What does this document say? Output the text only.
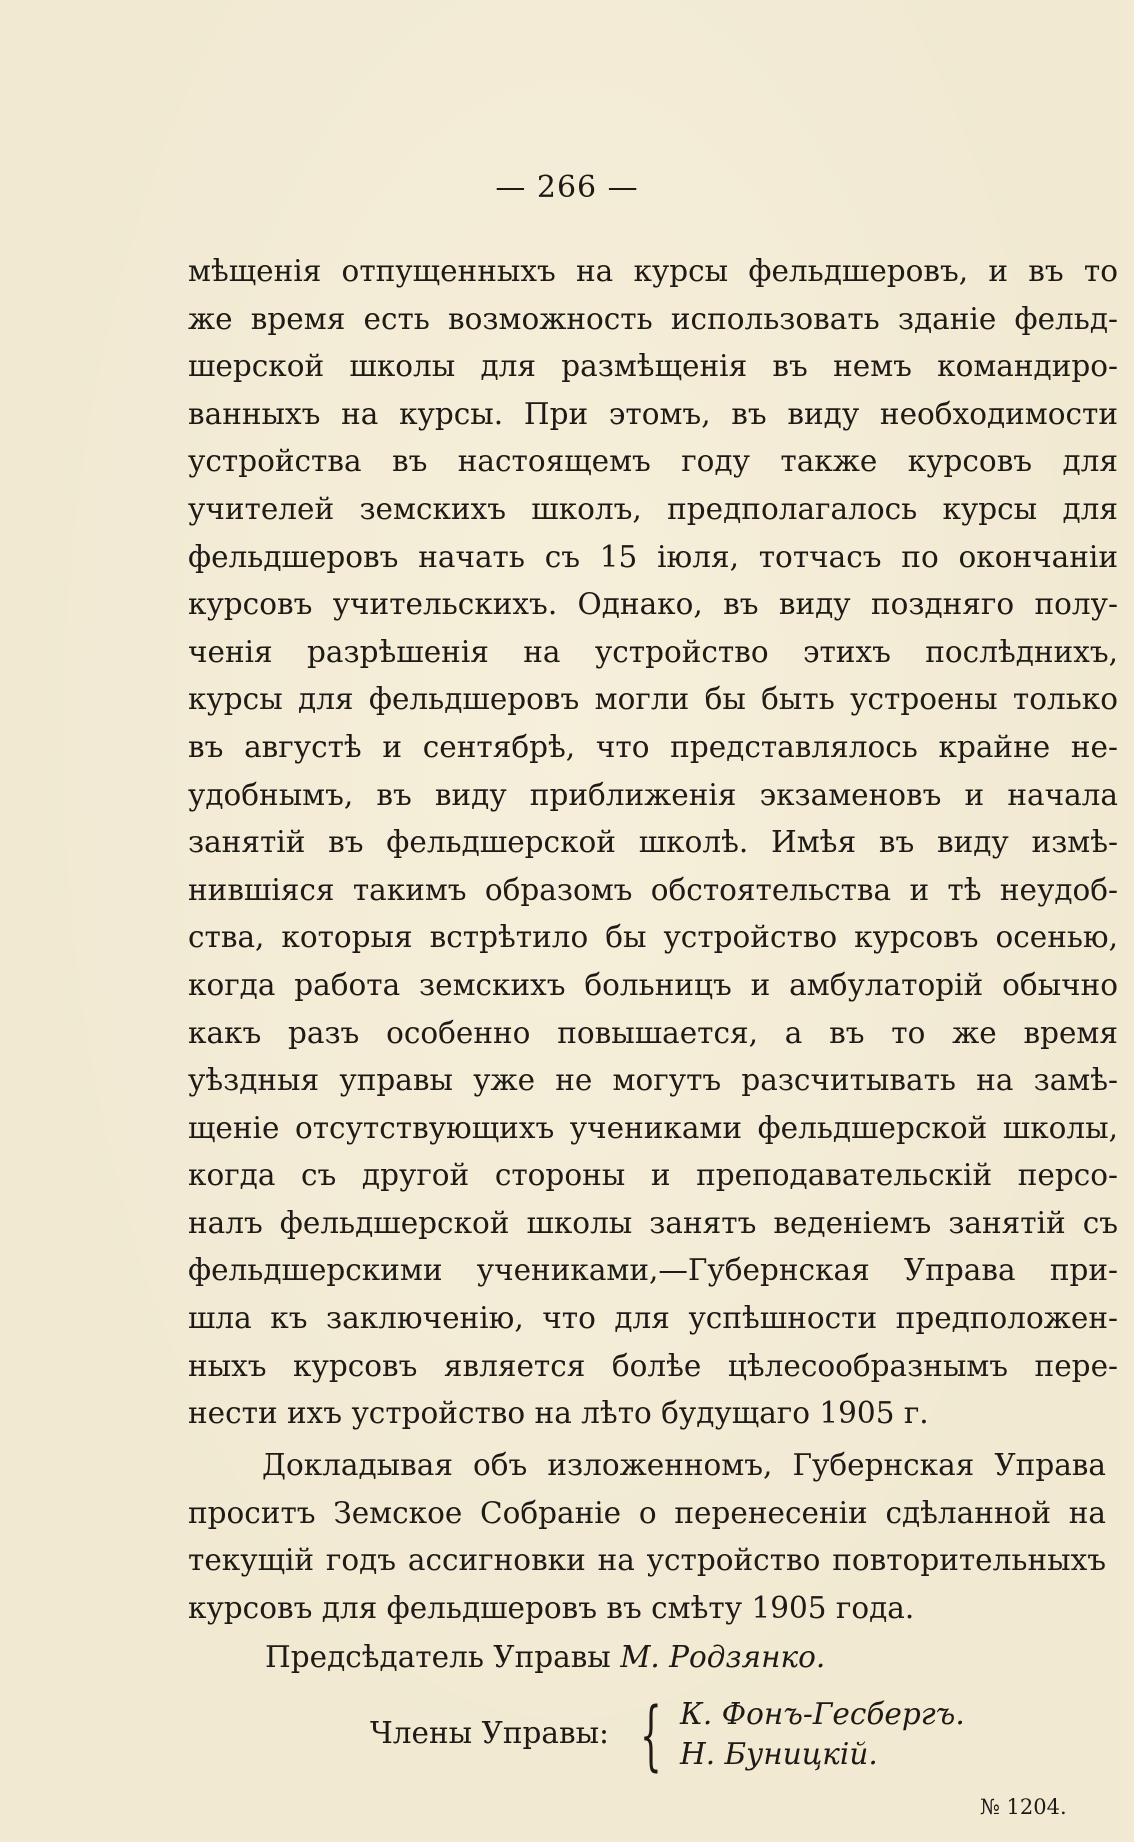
— 266 —
мѣщенія отпущенныхъ на курсы фельдшеровъ, и въ то
же время есть возможность использовать зданіе фельд-
шерской школы для размѣщенія въ немъ командиро-
ванныхъ на курсы. При этомъ, въ виду необходимости
устройства въ настоящемъ году также курсовъ для
учителей земскихъ школъ, предполагалось курсы для
фельдшеровъ начать съ 15 іюля, тотчасъ по окончаніи
курсовъ учительскихъ. Однако, въ виду поздняго полу-
ченія разрѣшенія на устройство этихъ послѣднихъ,
курсы для фельдшеровъ могли бы быть устроены только
въ августѣ и сентябрѣ, что представлялось крайне не-
удобнымъ, въ виду приближенія экзаменовъ и начала
занятій въ фельдшерской школѣ. Имѣя въ виду измѣ-
нившіяся такимъ образомъ обстоятельства и тѣ неудоб-
ства, которыя встрѣтило бы устройство курсовъ осенью,
когда работа земскихъ больницъ и амбулаторій обычно
какъ разъ особенно повышается, а въ то же время
уѣздныя управы уже не могутъ разсчитывать на замѣ-
щеніе отсутствующихъ учениками фельдшерской школы,
когда съ другой стороны и преподавательскій персо-
налъ фельдшерской школы занятъ веденіемъ занятій съ
фельдшерскими учениками,—Губернская Управа при-
шла къ заключенію, что для успѣшности предположен-
ныхъ курсовъ является болѣе цѣлесообразнымъ пере-
нести ихъ устройство на лѣто будущаго 1905 г.
Докладывая объ изложенномъ, Губернская Управа
проситъ Земское Собраніе о перенесеніи сдѣланной на
текущій годъ ассигновки на устройство повторительныхъ
курсовъ для фельдшеровъ въ смѣту 1905 года.
Предсѣдатель Управы М. Родзянко.
Члены Управы: { К. Фонъ-Гесбергъ.
Н. Буницкій.
№ 1204.
